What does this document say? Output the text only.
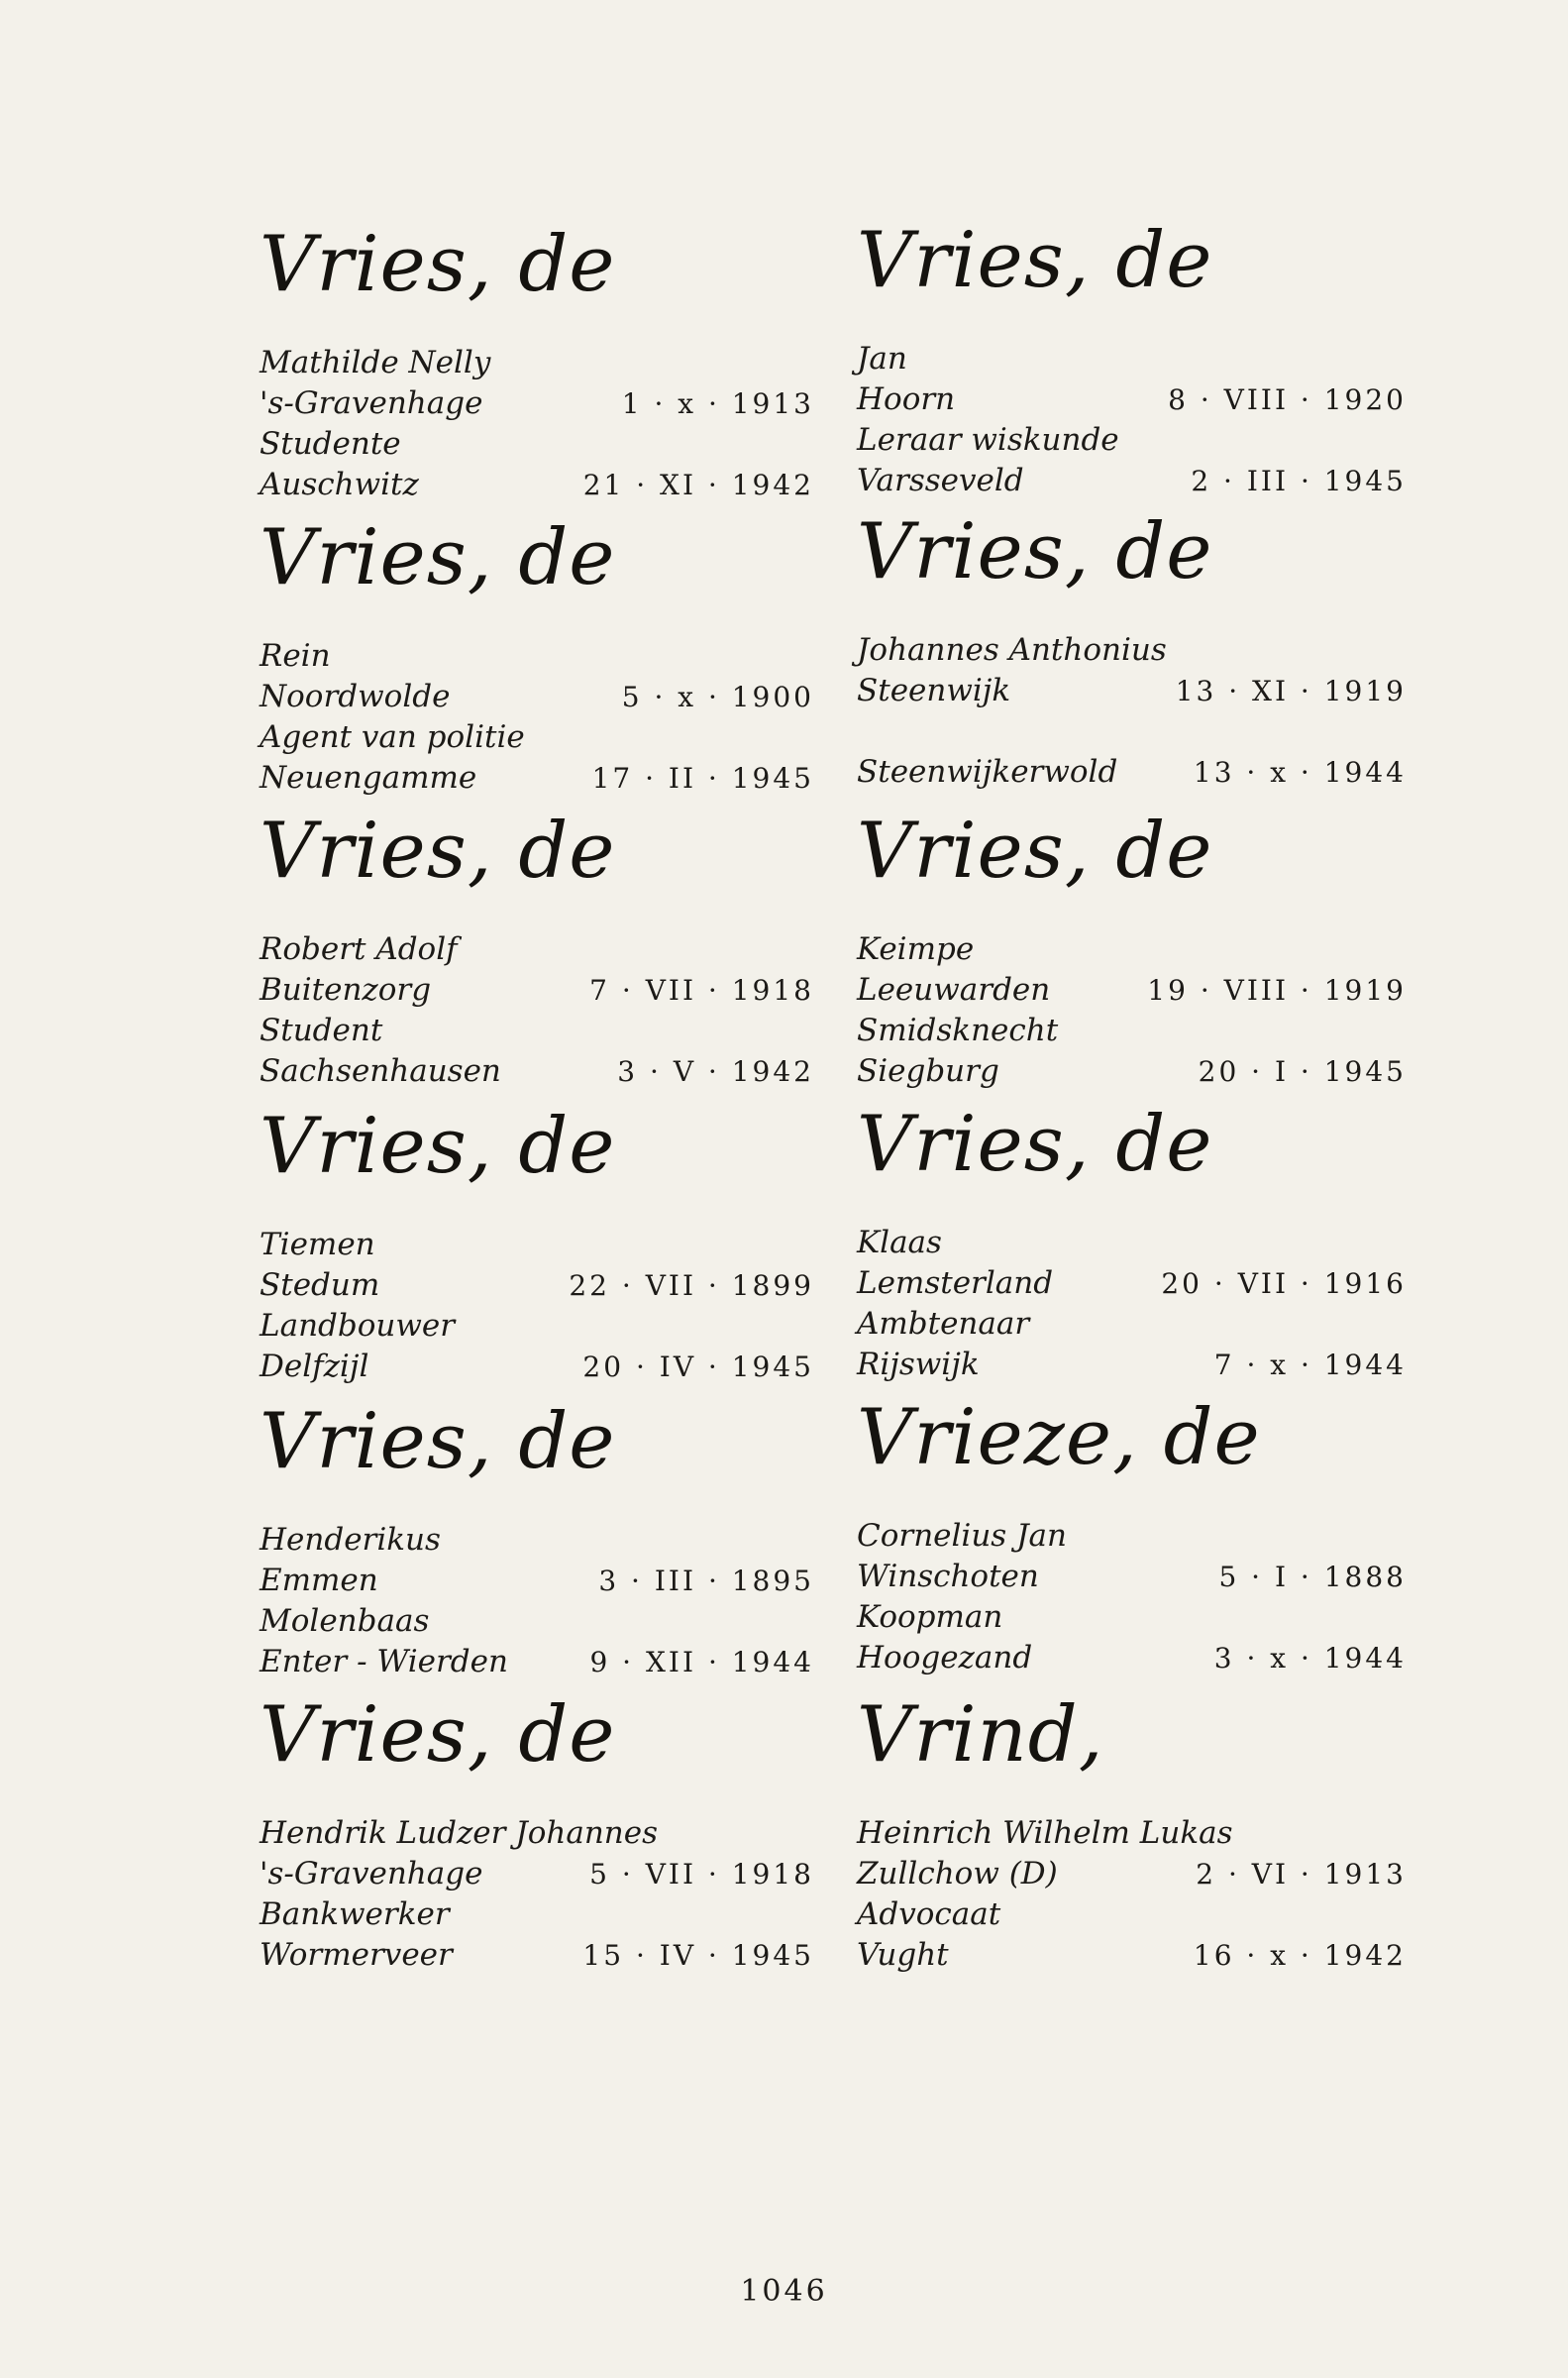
Vries, de
Mathilde Nelly
's-Gravenhage	1 · x · 1913
Studente
Auschwitz	21 · XI · 1942
Vries, de
Rein
Noordwolde	5 · x · 1900
Agent van politie
Neuengamme	17 · II · 1945
Vries, de
Robert Adolf
Buitenzorg	7 · VII · 1918
Student
Sachsenhausen	3 · V · 1942
Vries, de
Tiemen
Stedum	22 · VII · 1899
Landbouwer
Delfzijl	20 · IV · 1945
Vries, de
Henderikus
Emmen	3 · III · 1895
Molenbaas
Enter - Wierden	9 · XII · 1944
Vries, de
Hendrik Ludzer Johannes
's-Gravenhage	5 · VII · 1918
Bankwerker
Wormerveer	15 · IV · 1945
Vries, de
Jan
Hoorn	8 · VIII · 1920
Leraar wiskunde
Varsseveld	2 · III · 1945
Vries, de
Johannes Anthonius
Steenwijk	13 · XI · 1919
Steenwijkerwold	13 · x · 1944
Vries, de
Keimpe
Leeuwarden	19 · VIII · 1919
Smidsknecht
Siegburg	20 · I · 1945
Vries, de
Klaas
Lemsterland	20 · VII · 1916
Ambtenaar
Rijswijk	7 · x · 1944
Vrieze, de
Cornelius Jan
Winschoten	5 · I · 1888
Koopman
Hoogezand	3 · x · 1944
Vrind,
Heinrich Wilhelm Lukas
Zullchow (D)	2 · VI · 1913
Advocaat
Vught	16 · x · 1942
1046
